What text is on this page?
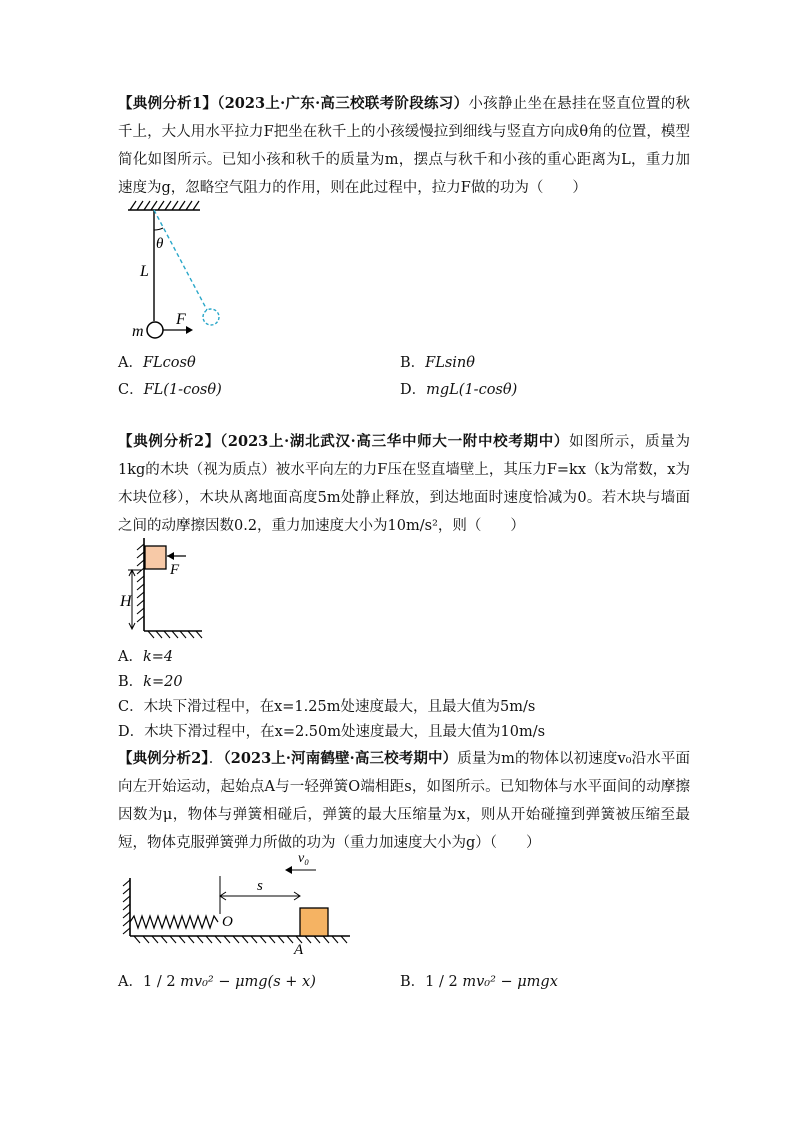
【典例分析1】（2023上·广东·高三校联考阶段练习）小孩静止坐在悬挂在竖直位置的秋千上，大人用水平拉力F把坐在秋千上的小孩缓慢拉到细线与竖直方向成θ角的位置，模型简化如图所示。已知小孩和秋千的质量为m，摆点与秋千和小孩的重心距离为L，重力加速度为g，忽略空气阻力的作用，则在此过程中，拉力F做的功为（　　）
θ
L
m
F
A．FLcosθ	B．FLsinθ
C．FL(1-cosθ)	D．mgL(1-cosθ)
【典例分析2】（2023上·湖北武汉·高三华中师大一附中校考期中）如图所示，质量为1kg的木块（视为质点）被水平向左的力F压在竖直墙壁上，其压力F=kx（k为常数，x为木块位移），木块从离地面高度5m处静止释放，到达地面时速度恰减为0。若木块与墙面之间的动摩擦因数0.2，重力加速度大小为10m/s²，则（　　）
F
H
A．k=4
B．k=20
C．木块下滑过程中，在x=1.25m处速度最大，且最大值为5m/s
D．木块下滑过程中，在x=2.50m处速度最大，且最大值为10m/s
【典例分析2】．（2023上·河南鹤壁·高三校考期中）质量为m的物体以初速度v₀沿水平面向左开始运动，起始点A与一轻弹簧O端相距s，如图所示。已知物体与水平面间的动摩擦因数为μ，物体与弹簧相碰后，弹簧的最大压缩量为x，则从开始碰撞到弹簧被压缩至最短，物体克服弹簧弹力所做的功为（重力加速度大小为g）（　　）
O
s
A
v₀
A．1 / 2 mv₀² − μmg(s + x)	B．1 / 2 mv₀² − μmgx
